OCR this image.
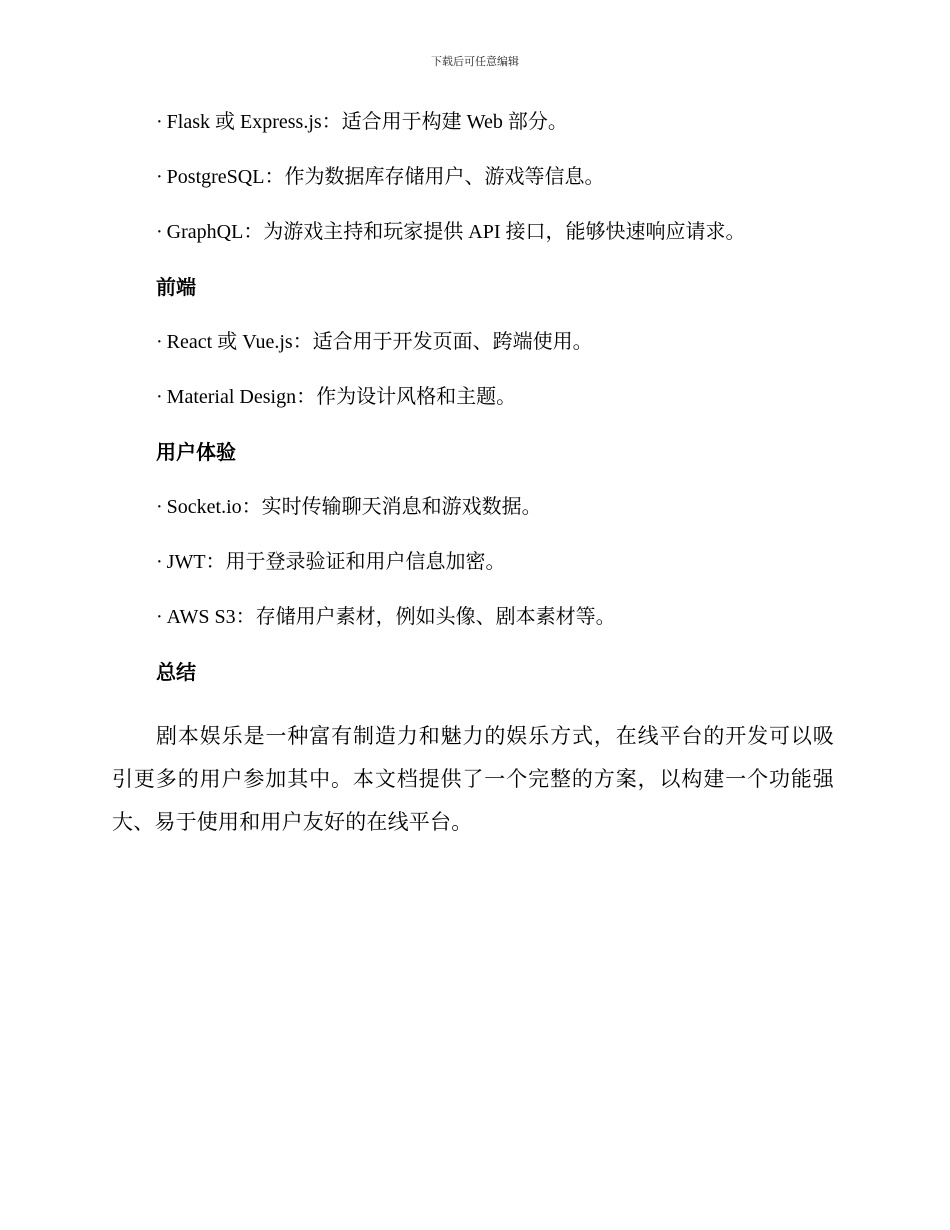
下载后可任意编辑
· Flask 或 Express.js：适合用于构建 Web 部分。
· PostgreSQL：作为数据库存储用户、游戏等信息。
· GraphQL：为游戏主持和玩家提供 API 接口，能够快速响应请求。
前端
· React 或 Vue.js：适合用于开发页面、跨端使用。
· Material Design：作为设计风格和主题。
用户体验
· Socket.io：实时传输聊天消息和游戏数据。
· JWT：用于登录验证和用户信息加密。
· AWS S3：存储用户素材，例如头像、剧本素材等。
总结

剧本娱乐是一种富有制造力和魅力的娱乐方式，在线平台的开发可以吸引更多的用户参加其中。本文档提供了一个完整的方案，以构建一个功能强大、易于使用和用户友好的在线平台。
